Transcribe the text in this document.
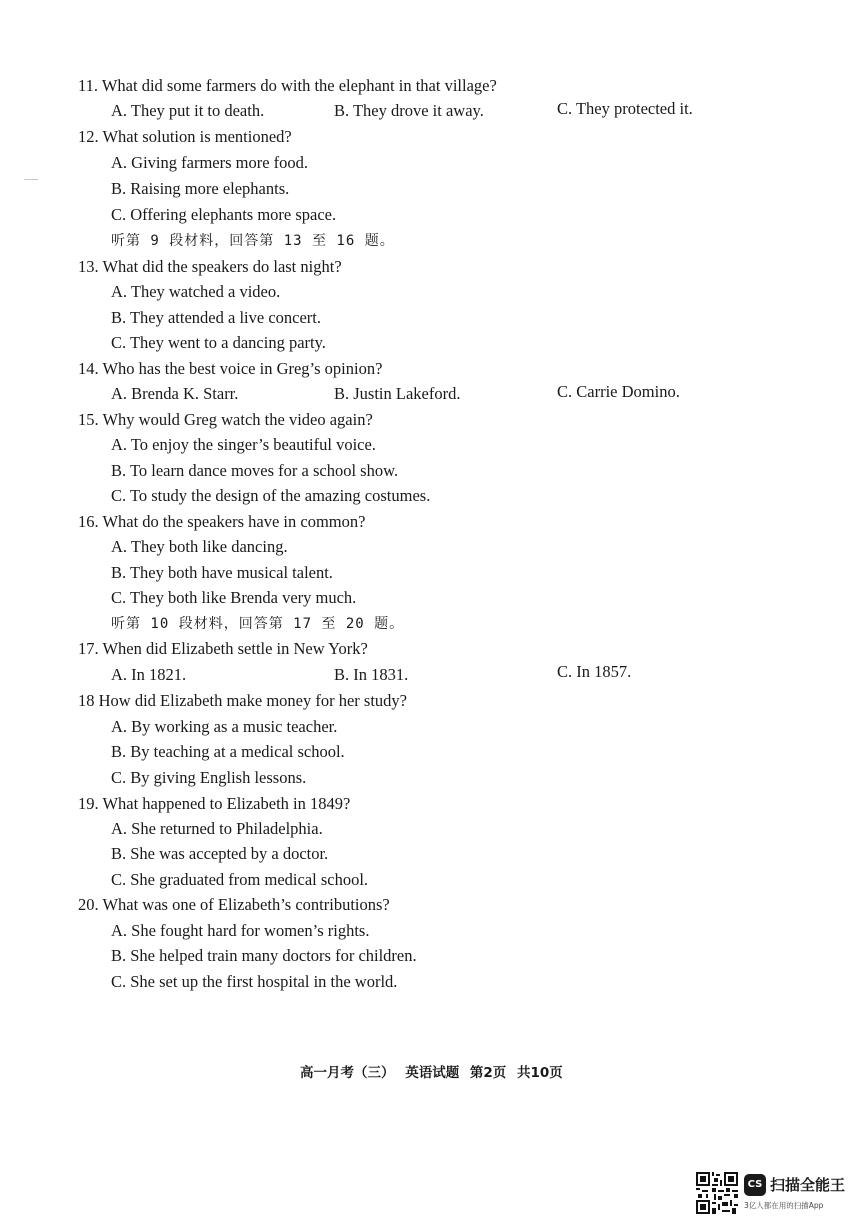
11. What did some farmers do with the elephant in that village?
A. They put it to death.	B. They drove it away.	C. They protected it.
12. What solution is mentioned?
A. Giving farmers more food.
B. Raising more elephants.
C. Offering elephants more space.
听第 9 段材料，回答第 13 至 16 题。
13. What did the speakers do last night?
A. They watched a video.
B. They attended a live concert.
C. They went to a dancing party.
14. Who has the best voice in Greg’s opinion?
A. Brenda K. Starr.	B. Justin Lakeford.	C. Carrie Domino.
15. Why would Greg watch the video again?
A. To enjoy the singer’s beautiful voice.
B. To learn dance moves for a school show.
C. To study the design of the amazing costumes.
16. What do the speakers have in common?
A. They both like dancing.
B. They both have musical talent.
C. They both like Brenda very much.
听第 10 段材料，回答第 17 至 20 题。
17. When did Elizabeth settle in New York?
A. In 1821.	B. In 1831.	C. In 1857.
18 How did Elizabeth make money for her study?
A. By working as a music teacher.
B. By teaching at a medical school.
C. By giving English lessons.
19. What happened to Elizabeth in 1849?
A. She returned to Philadelphia.
B. She was accepted by a doctor.
C. She graduated from medical school.
20. What was one of Elizabeth’s contributions?
A. She fought hard for women’s rights.
B. She helped train many doctors for children.
C. She set up the first hospital in the world.
高一月考（三） 英语试题 第2页 共10页
CS 扫描全能王
3亿人都在用的扫描App
